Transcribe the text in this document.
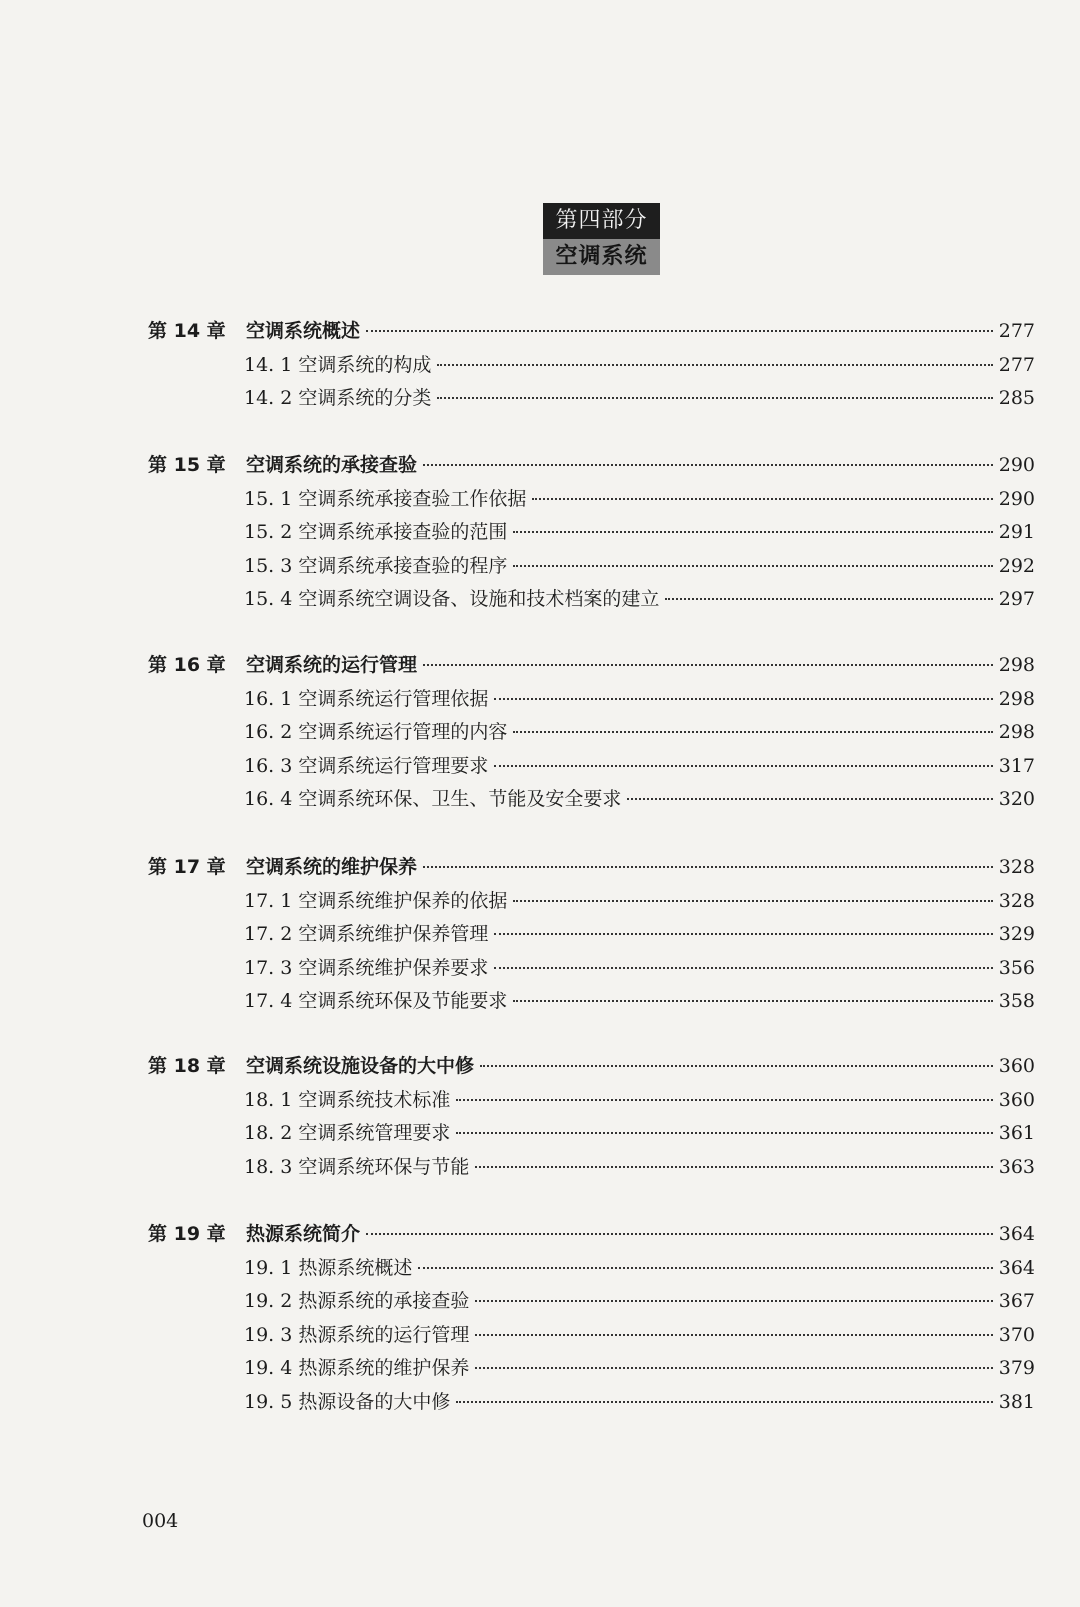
第四部分
空调系统
第 14 章	空调系统概述	277
14. 1 空调系统的构成	277
14. 2 空调系统的分类	285
第 15 章	空调系统的承接查验	290
15. 1 空调系统承接查验工作依据	290
15. 2 空调系统承接查验的范围	291
15. 3 空调系统承接查验的程序	292
15. 4 空调系统空调设备、设施和技术档案的建立	297
第 16 章	空调系统的运行管理	298
16. 1 空调系统运行管理依据	298
16. 2 空调系统运行管理的内容	298
16. 3 空调系统运行管理要求	317
16. 4 空调系统环保、卫生、节能及安全要求	320
第 17 章	空调系统的维护保养	328
17. 1 空调系统维护保养的依据	328
17. 2 空调系统维护保养管理	329
17. 3 空调系统维护保养要求	356
17. 4 空调系统环保及节能要求	358
第 18 章	空调系统设施设备的大中修	360
18. 1 空调系统技术标准	360
18. 2 空调系统管理要求	361
18. 3 空调系统环保与节能	363
第 19 章	热源系统简介	364
19. 1 热源系统概述	364
19. 2 热源系统的承接查验	367
19. 3 热源系统的运行管理	370
19. 4 热源系统的维护保养	379
19. 5 热源设备的大中修	381
004
